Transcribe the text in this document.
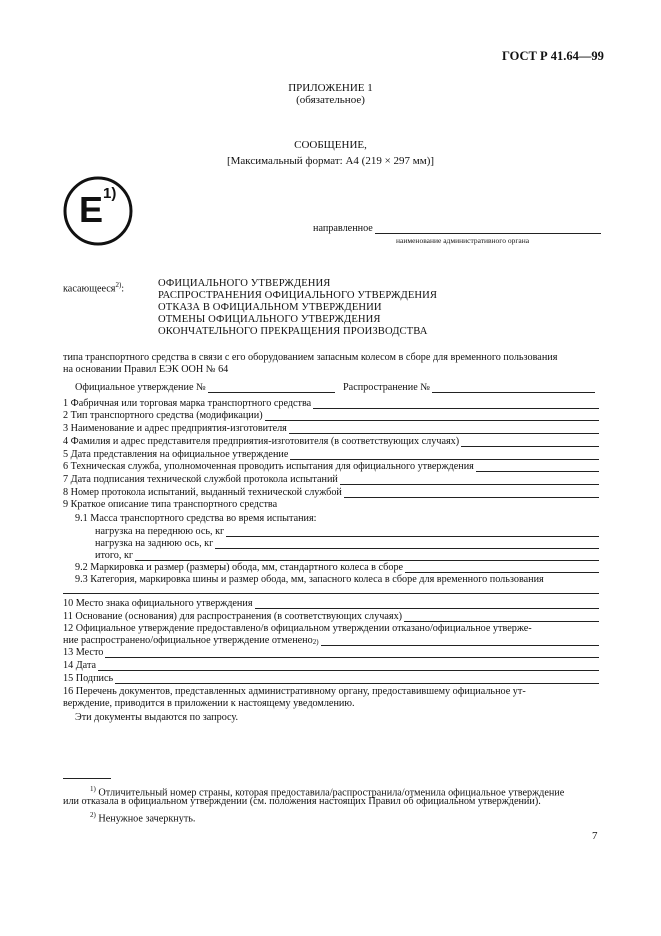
ГОСТ Р 41.64—99
ПРИЛОЖЕНИЕ 1
(обязательное)
СООБЩЕНИЕ,
[Максимальный формат: А4 (219 × 297 мм)]
E 1)
направленное
наименование административного органа
касающееся$^{2)}$:	ОФИЦИАЛЬНОГО УТВЕРЖДЕНИЯ
РАСПРОСТРАНЕНИЯ ОФИЦИАЛЬНОГО УТВЕРЖДЕНИЯ
ОТКАЗА В ОФИЦИАЛЬНОМ УТВЕРЖДЕНИИ
ОТМЕНЫ ОФИЦИАЛЬНОГО УТВЕРЖДЕНИЯ
ОКОНЧАТЕЛЬНОГО ПРЕКРАЩЕНИЯ ПРОИЗВОДСТВА
типа транспортного средства в связи с его оборудованием запасным колесом в сборе для временного пользования
на основании Правил ЕЭК ООН № 64
Официальное утверждение №	Распространение №
1 Фабричная или торговая марка транспортного средства
2 Тип транспортного средства (модификации)
3 Наименование и адрес предприятия-изготовителя
4 Фамилия и адрес представителя предприятия-изготовителя (в соответствующих случаях)
5 Дата представления на официальное утверждение
6 Техническая служба, уполномоченная проводить испытания для официального утверждения
7 Дата подписания технической службой протокола испытаний
8 Номер протокола испытаний, выданный технической службой
9 Краткое описание типа транспортного средства
9.1 Масса транспортного средства во время испытания:
нагрузка на переднюю ось, кг
нагрузка на заднюю ось, кг
итого, кг
9.2 Маркировка и размер (размеры) обода, мм, стандартного колеса в сборе
9.3 Категория, маркировка шины и размер обода, мм, запасного колеса в сборе для временного пользования
10 Место знака официального утверждения
11 Основание (основания) для распространения (в соответствующих случаях)
12 Официальное утверждение предоставлено/в официальном утверждении отказано/официальное утверже-
ние распространено/официальное утверждение отменено 2)
13 Место
14 Дата
15 Подпись
16 Перечень документов, представленных административному органу, предоставившему официальное ут-
верждение, приводится в приложении к настоящему уведомлению.
Эти документы выдаются по запросу.
$^{1)}$ Отличительный номер страны, которая предоставила/распространила/отменила официальное утверждение
или отказала в официальном утверждении (см. положения настоящих Правил об официальном утверждении).
$^{2)}$ Ненужное зачеркнуть.
7
